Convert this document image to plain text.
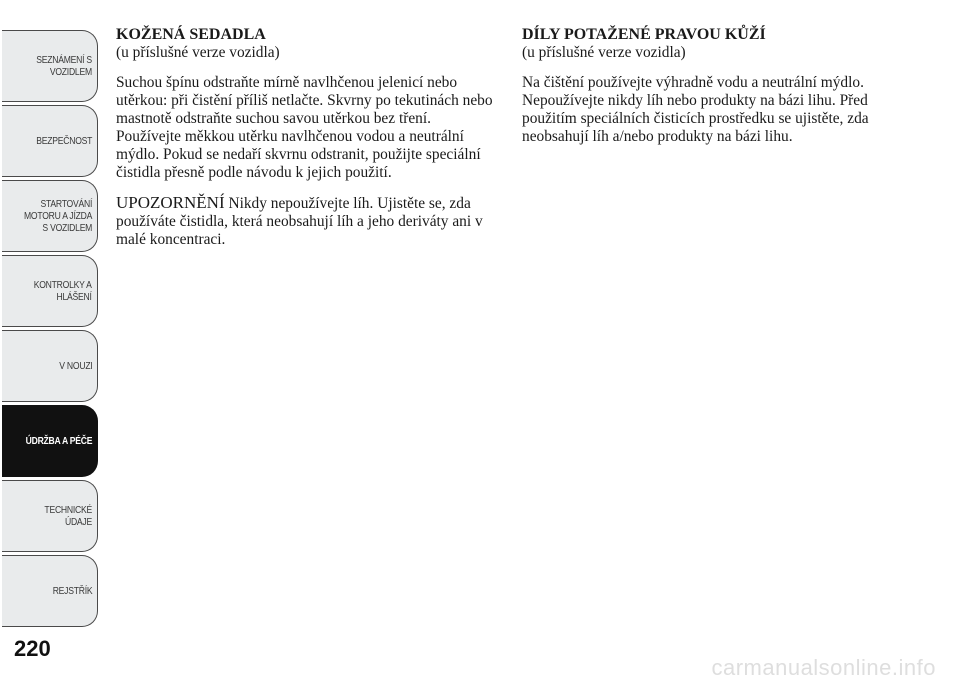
SEZNÁMENÍ S
VOZIDLEM
BEZPEČNOST
STARTOVÁNÍ
MOTORU A JÍZDA
S VOZIDLEM
KONTROLKY A
HLÁŠENÍ
V NOUZI
ÚDRŽBA A PÉČE
TECHNICKÉ
ÚDAJE
REJSTŘÍK
220
KOŽENÁ SEDADLA

(u příslušné verze vozidla)

Suchou špínu odstraňte mírně navlhčenou jelenicí nebo utěrkou: při čistění příliš netlačte. Skvrny po tekutinách nebo mastnotě odstraňte suchou savou utěrkou bez tření. Používejte měkkou utěrku navlhčenou vodou a neutrální mýdlo. Pokud se nedaří skvrnu odstranit, použijte speciální čistidla přesně podle návodu k jejich použití.

UPOZORNĚNÍ Nikdy nepoužívejte líh. Ujistěte se, zda používáte čistidla, která neobsahují líh a jeho deriváty ani v malé koncentraci.

DÍLY POTAŽENÉ PRAVOU KŮŽÍ

(u příslušné verze vozidla)

Na čištění používejte výhradně vodu a neutrální mýdlo. Nepoužívejte nikdy líh nebo produkty na bázi lihu. Před použitím speciálních čisticích prostředku se ujistěte, zda neobsahují líh a/nebo produkty na bázi lihu.

carmanualsonline.info
